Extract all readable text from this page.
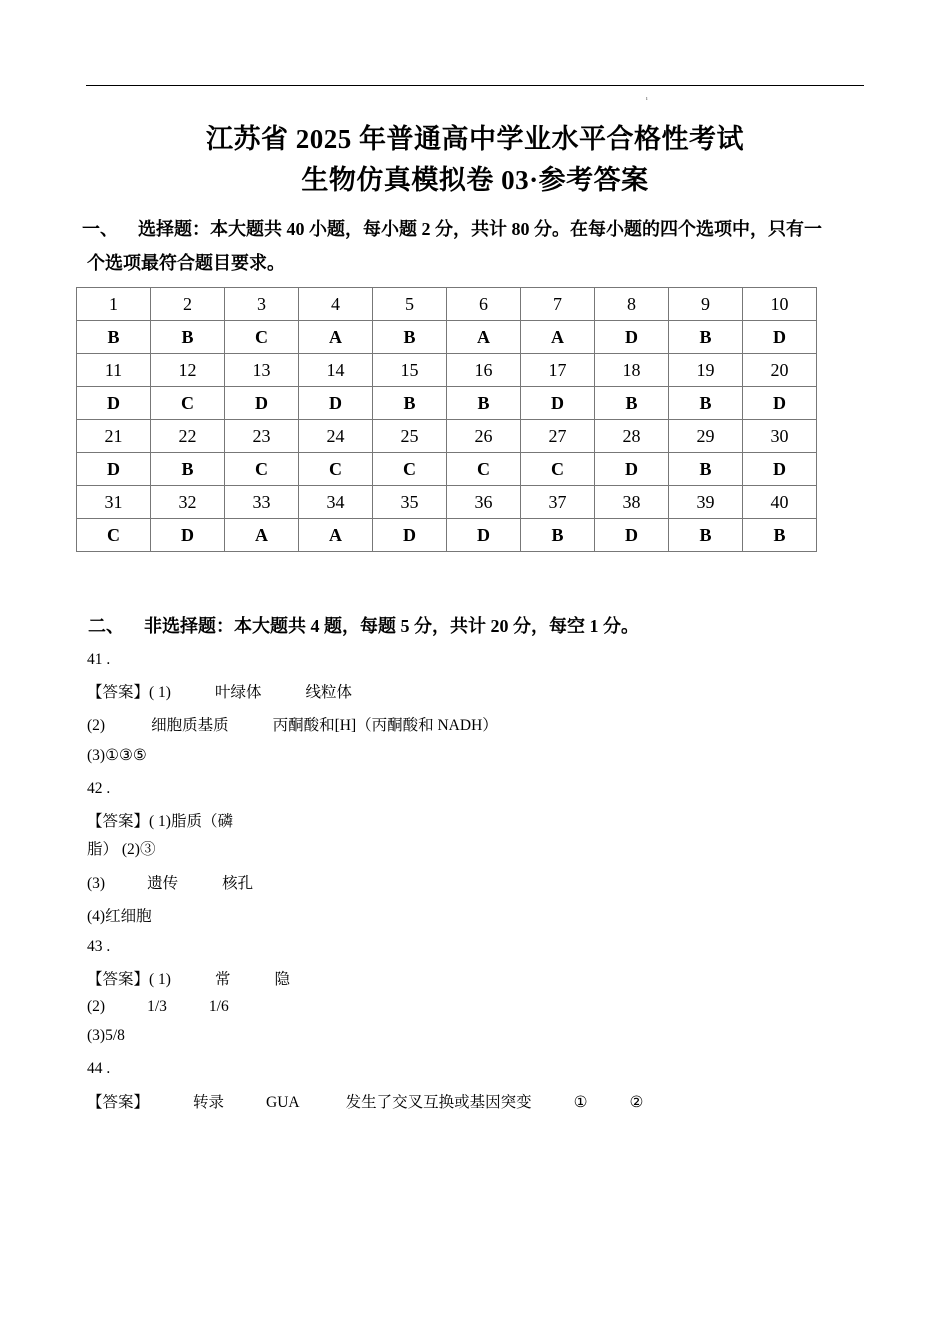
ı
江苏省 2025 年普通高中学业水平合格性考试
生物仿真模拟卷 03·参考答案
一、 选择题：本大题共 40 小题，每小题 2 分，共计 80 分。在每小题的四个选项中，只有一
个选项最符合题目要求。
1	2	3	4	5	6	7	8	9	10
B	B	C	A	B	A	A	D	B	D
11	12	13	14	15	16	17	18	19	20
D	C	D	D	B	B	D	B	B	D
21	22	23	24	25	26	27	28	29	30
D	B	C	C	C	C	C	D	B	D
31	32	33	34	35	36	37	38	39	40
C	D	A	A	D	D	B	D	B	B
二、 非选择题：本大题共 4 题，每题 5 分，共计 20 分，每空 1 分。
41 .
【答案】( 1)	叶绿体	线粒体
(2)	细胞质基质	丙酮酸和[H]（丙酮酸和 NADH）
(3)①③⑤
42 .
【答案】( 1)脂质（磷
脂） (2)③
(3)	遗传	核孔
(4)红细胞
43 .
【答案】( 1)	常	隐
(2)	1/3	1/6
(3)5/8
44 .
【答案】	转录	GUA	发生了交叉互换或基因突变	①	②
